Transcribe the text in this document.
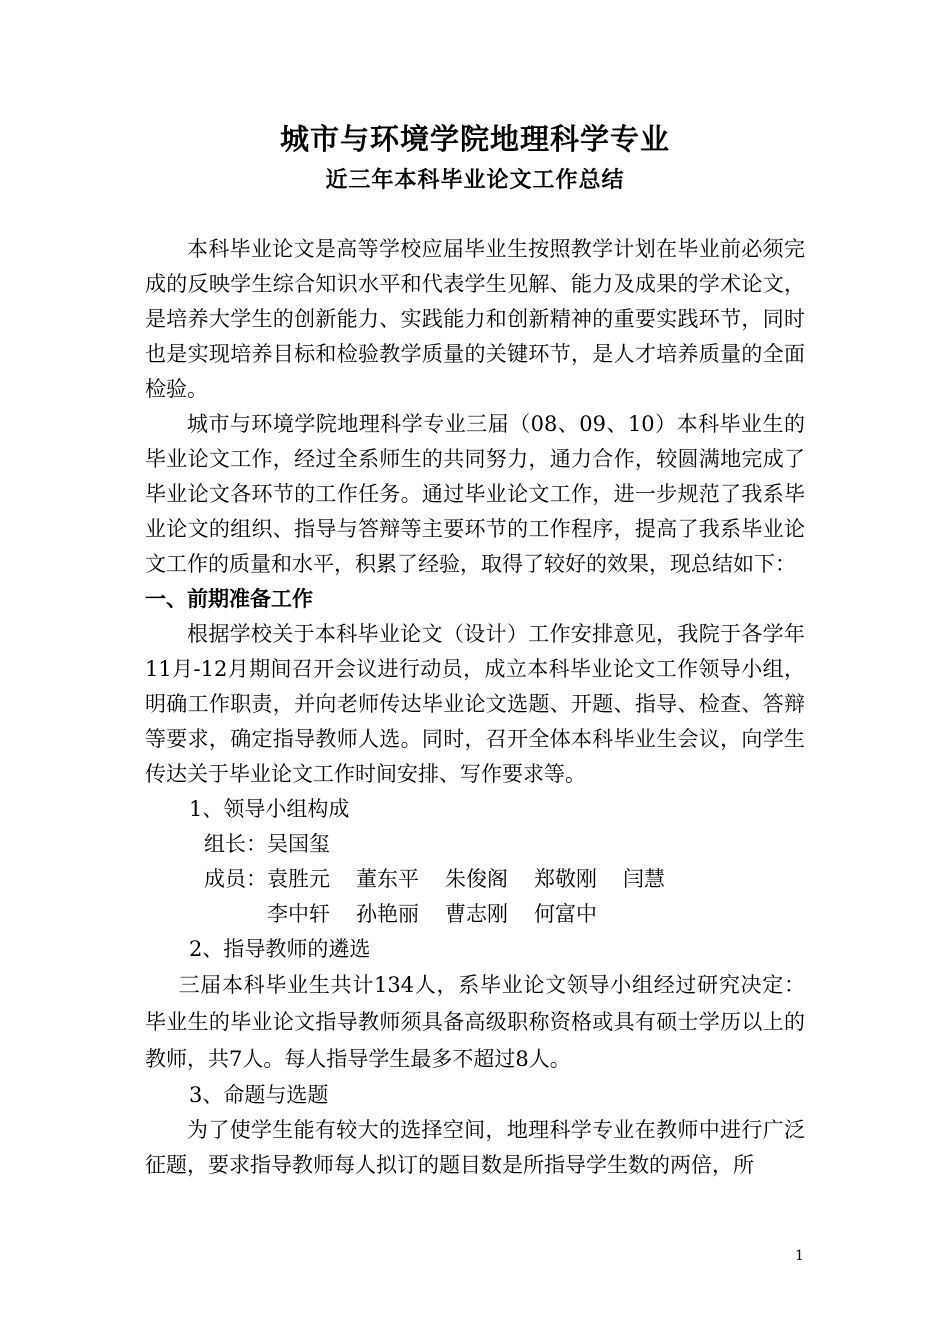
城市与环境学院地理科学专业
近三年本科毕业论文工作总结

本科毕业论文是高等学校应届毕业生按照教学计划在毕业前必须完成的反映学生综合知识水平和代表学生见解、能力及成果的学术论文，是培养大学生的创新能力、实践能力和创新精神的重要实践环节，同时也是实现培养目标和检验教学质量的关键环节，是人才培养质量的全面检验。

城市与环境学院地理科学专业三届（08、09、10）本科毕业生的毕业论文工作，经过全系师生的共同努力，通力合作，较圆满地完成了毕业论文各环节的工作任务。通过毕业论文工作，进一步规范了我系毕业论文的组织、指导与答辩等主要环节的工作程序，提高了我系毕业论文工作的质量和水平，积累了经验，取得了较好的效果，现总结如下：

一、前期准备工作

根据学校关于本科毕业论文（设计）工作安排意见，我院于各学年11月-12月期间召开会议进行动员，成立本科毕业论文工作领导小组，明确工作职责，并向老师传达毕业论文选题、开题、指导、检查、答辩等要求，确定指导教师人选。同时，召开全体本科毕业生会议，向学生传达关于毕业论文工作时间安排、写作要求等。

1、领导小组构成

组长： 吴国玺
成员： 袁胜元 董东平 朱俊阁 郑敬刚 闫慧
李中轩 孙艳丽 曹志刚 何富中

2、指导教师的遴选

三届本科毕业生共计134人，系毕业论文领导小组经过研究决定：毕业生的毕业论文指导教师须具备高级职称资格或具有硕士学历以上的教师，共7人。每人指导学生最多不超过8人。

3、命题与选题

为了使学生能有较大的选择空间，地理科学专业在教师中进行广泛征题，要求指导教师每人拟订的题目数是所指导学生数的两倍，所

1
